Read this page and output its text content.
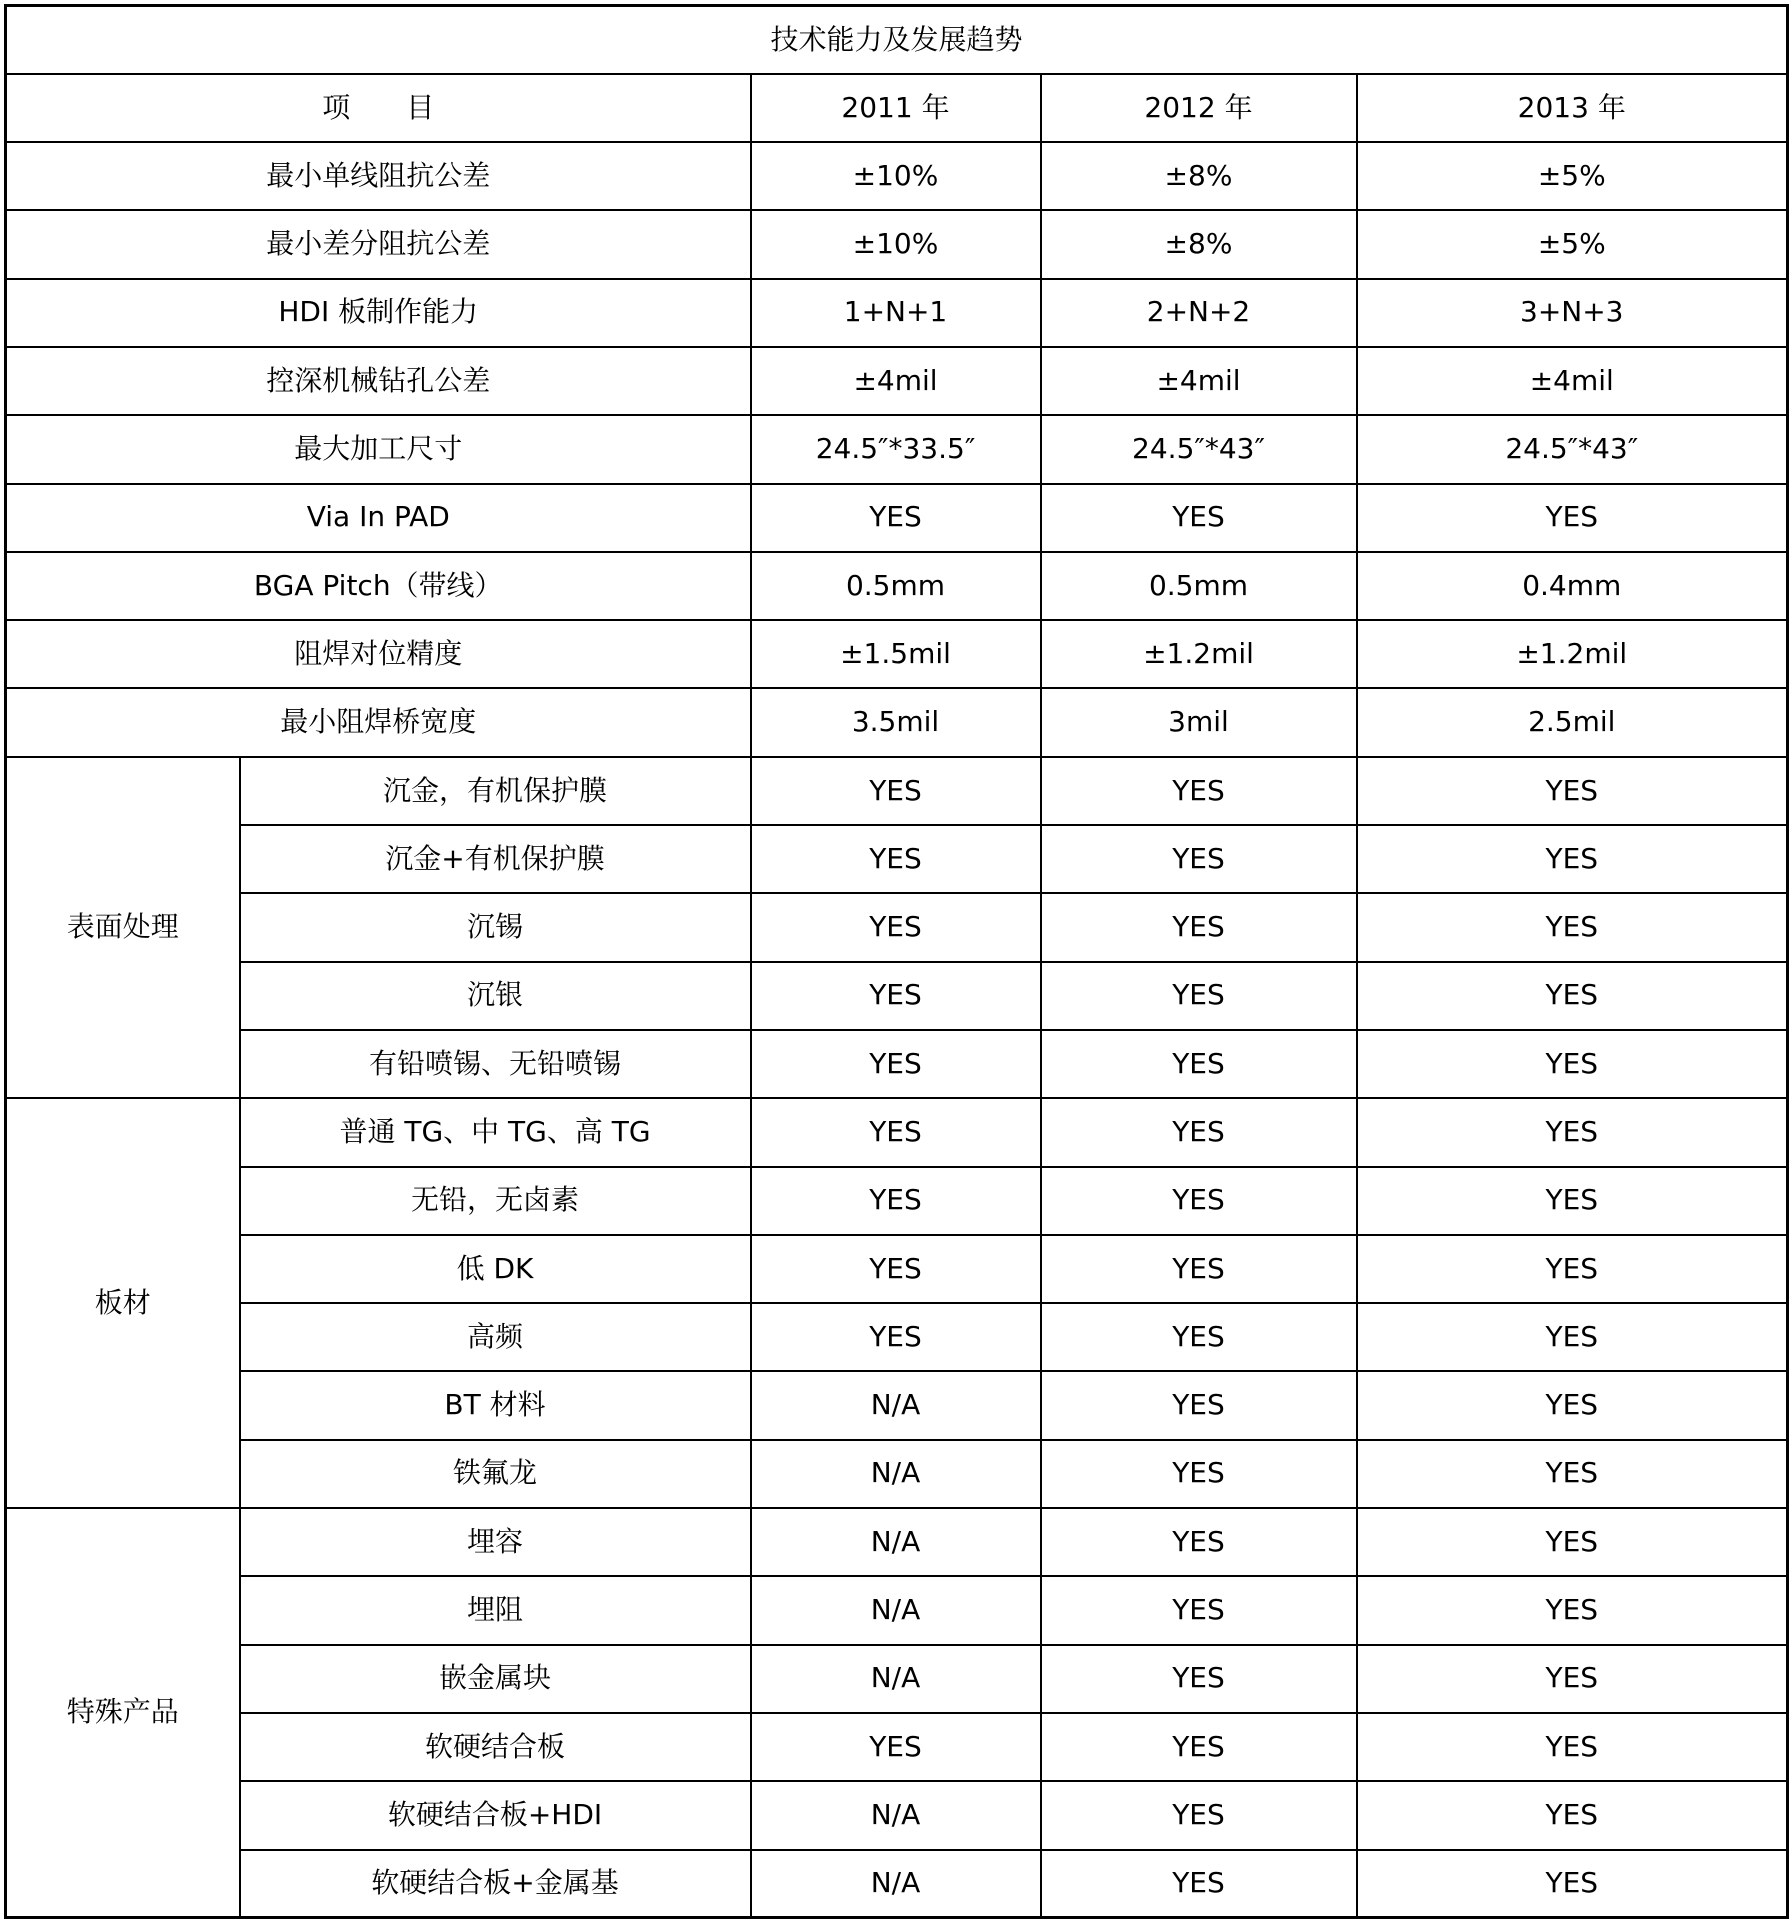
技术能力及发展趋势				
项　　目		2011 年	2012 年	2013 年
最小单线阻抗公差		±10%	±8%	±5%
最小差分阻抗公差		±10%	±8%	±5%
HDI 板制作能力		1+N+1	2+N+2	3+N+3
控深机械钻孔公差		±4mil	±4mil	±4mil
最大加工尺寸		24.5″*33.5″	24.5″*43″	24.5″*43″
Via In PAD		YES	YES	YES
BGA Pitch（带线）		0.5mm	0.5mm	0.4mm
阻焊对位精度		±1.5mil	±1.2mil	±1.2mil
最小阻焊桥宽度		3.5mil	3mil	2.5mil
表面处理	沉金，有机保护膜	YES	YES	YES
	沉金+有机保护膜	YES	YES	YES
	沉锡	YES	YES	YES
	沉银	YES	YES	YES
	有铅喷锡、无铅喷锡	YES	YES	YES
板材	普通 TG、中 TG、高 TG	YES	YES	YES
	无铅，无卤素	YES	YES	YES
	低 DK	YES	YES	YES
	高频	YES	YES	YES
	BT 材料	N/A	YES	YES
	铁氟龙	N/A	YES	YES
特殊产品	埋容	N/A	YES	YES
	埋阻	N/A	YES	YES
	嵌金属块	N/A	YES	YES
	软硬结合板	YES	YES	YES
	软硬结合板+HDI	N/A	YES	YES
	软硬结合板+金属基	N/A	YES	YES
